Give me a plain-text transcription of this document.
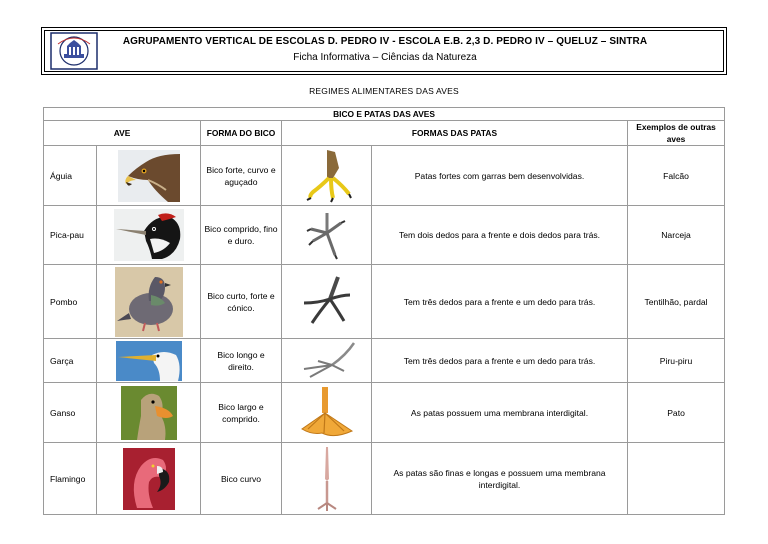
AGRUPAMENTO VERTICAL DE ESCOLAS D. PEDRO IV - ESCOLA E.B. 2,3 D. PEDRO IV – QUELUZ – SINTRA
Ficha Informativa – Ciências da Natureza
REGIMES ALIMENTARES DAS AVES
BICO E PATAS DAS AVES					
AVE		FORMA DO BICO	FORMAS DAS PATAS		Exemplos de outras aves
Águia		Bico forte, curvo e aguçado		Patas fortes com garras bem desenvolvidas.	Falcão
Pica-pau		Bico comprido, fino e duro.		Tem dois dedos para a frente e dois dedos para trás.	Narceja
Pombo		Bico curto, forte e cónico.		Tem três dedos para a frente e um dedo para trás.	Tentilhão, pardal
Garça		Bico longo e direito.		Tem três dedos para a frente e um dedo para trás.	Piru-piru
Ganso		Bico largo e comprido.		As patas possuem uma membrana interdigital.	Pato
Flamingo		Bico curvo		As patas são finas e longas e possuem uma membrana interdigital.	
